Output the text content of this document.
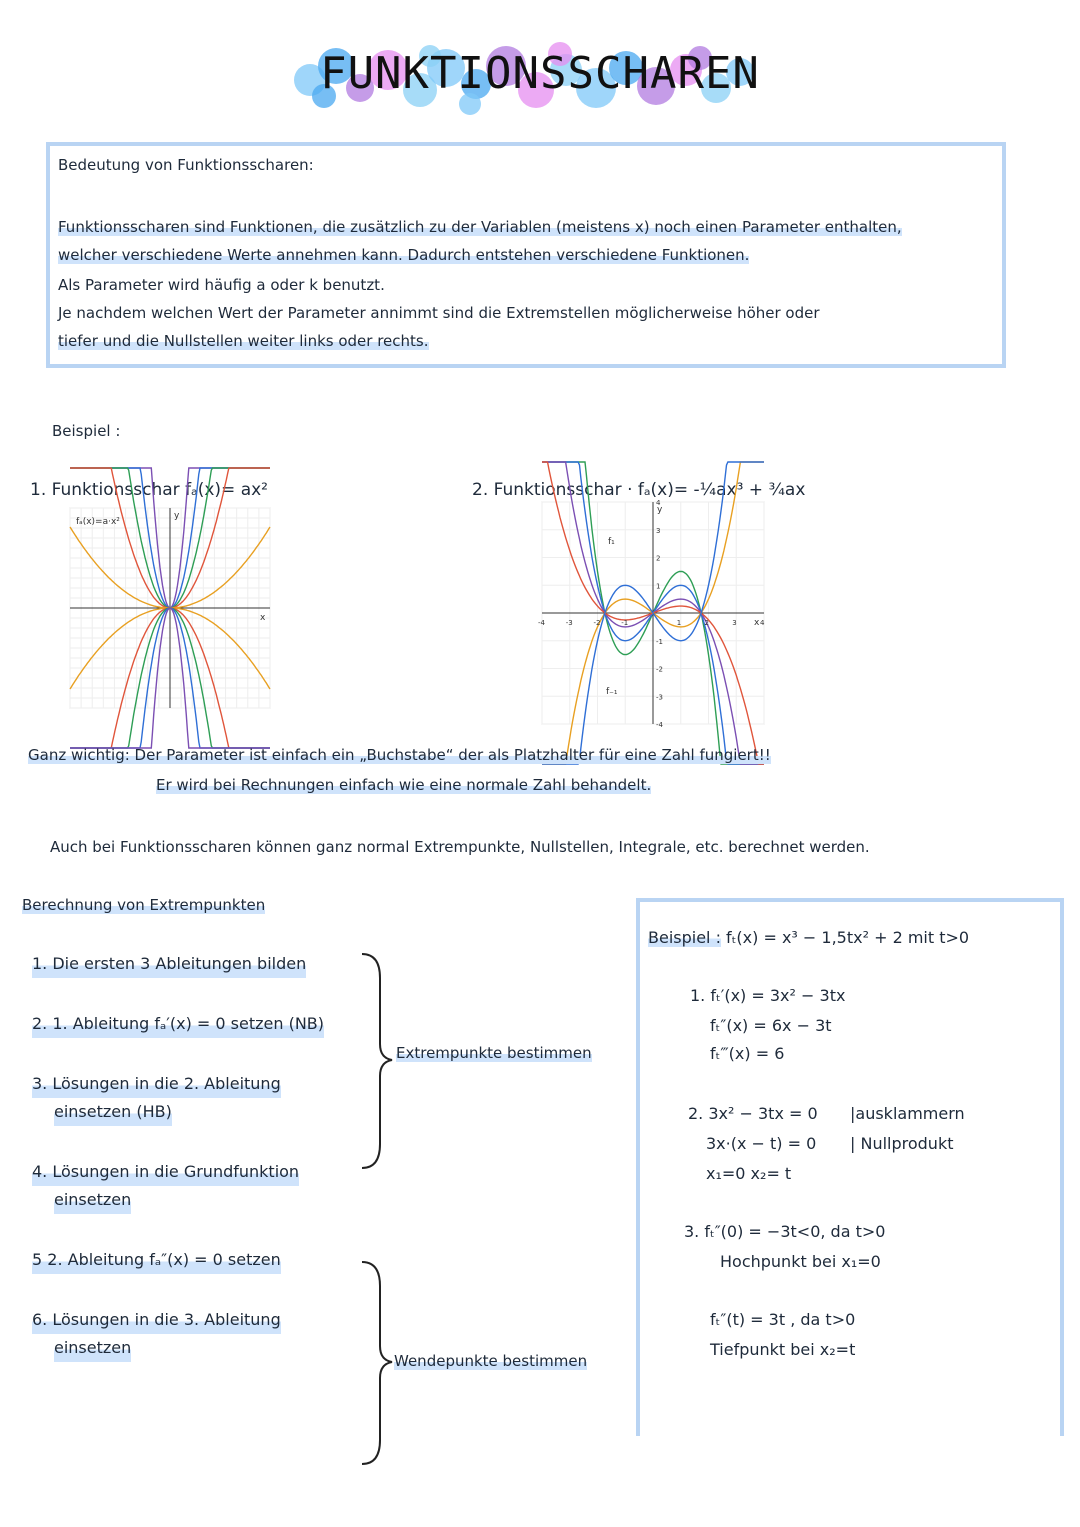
FUNKTIONSSCHAREN
Bedeutung von Funktionsscharen:
Funktionsscharen sind Funktionen, die zusätzlich zu der Variablen (meistens x) noch einen Parameter enthalten,
welcher verschiedene Werte annehmen kann. Dadurch entstehen verschiedene Funktionen.
Als Parameter wird häufig a oder k benutzt.
Je nachdem welchen Wert der Parameter annimmt sind die Extremstellen möglicherweise höher oder
tiefer und die Nullstellen weiter links oder rechts.
Beispiel :
1. Funktionsschar fₐ(x)= ax²	2. Funktionsschar · fₐ(x)= -¼ax³ + ¾ax
x
y
fₐ(x)=a·x²
x
y
-4	-3	-2	-1	1	2	3	4
-4
-3
-2
-1
1
2
3
4
f₁
f₋₁
Ganz wichtig: Der Parameter ist einfach ein „Buchstabe“ der als Platzhalter für eine Zahl fungiert!!
Er wird bei Rechnungen einfach wie eine normale Zahl behandelt.
Auch bei Funktionsscharen können ganz normal Extrempunkte, Nullstellen, Integrale, etc. berechnet werden.
Berechnung von Extrempunkten
1. Die ersten 3 Ableitungen bilden
2. 1. Ableitung fₐ′(x) = 0 setzen (NB)
3. Lösungen in die 2. Ableitung
einsetzen (HB)
4. Lösungen in die Grundfunktion
einsetzen
5 2. Ableitung fₐ″(x) = 0 setzen
6. Lösungen in die 3. Ableitung
einsetzen
Extrempunkte bestimmen
Wendepunkte bestimmen
Beispiel : fₜ(x) = x³ − 1,5tx² + 2 mit t>0
1. fₜ′(x) = 3x² − 3tx
fₜ″(x) = 6x − 3t
fₜ‴(x) = 6
2. 3x² − 3tx = 0 |ausklammern
3x·(x − t) = 0 | Nullprodukt
x₁=0 x₂= t
3. fₜ″(0) = −3t<0, da t>0
Hochpunkt bei x₁=0
fₜ″(t) = 3t , da t>0
Tiefpunkt bei x₂=t
